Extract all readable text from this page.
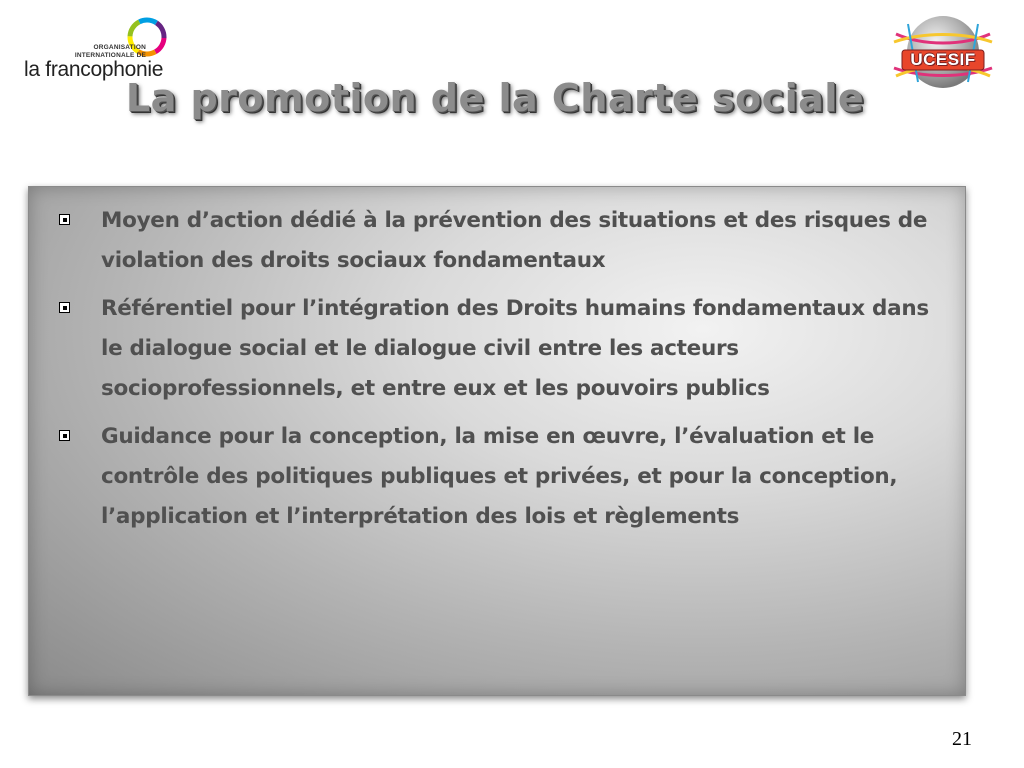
ORGANISATION
INTERNATIONALE DE
la francophonie	UCESIF
La promotion de la Charte sociale
Moyen d’action dédié à la prévention des situations et des risques de violation des droits sociaux fondamentaux
Référentiel pour l’intégration des Droits humains fondamentaux dans le dialogue social et le dialogue civil entre les acteurs socioprofessionnels, et entre eux et les pouvoirs publics
Guidance pour la conception, la mise en œuvre, l’évaluation et le contrôle des politiques publiques et privées, et pour la conception, l’application et l’interprétation des lois et règlements
21
